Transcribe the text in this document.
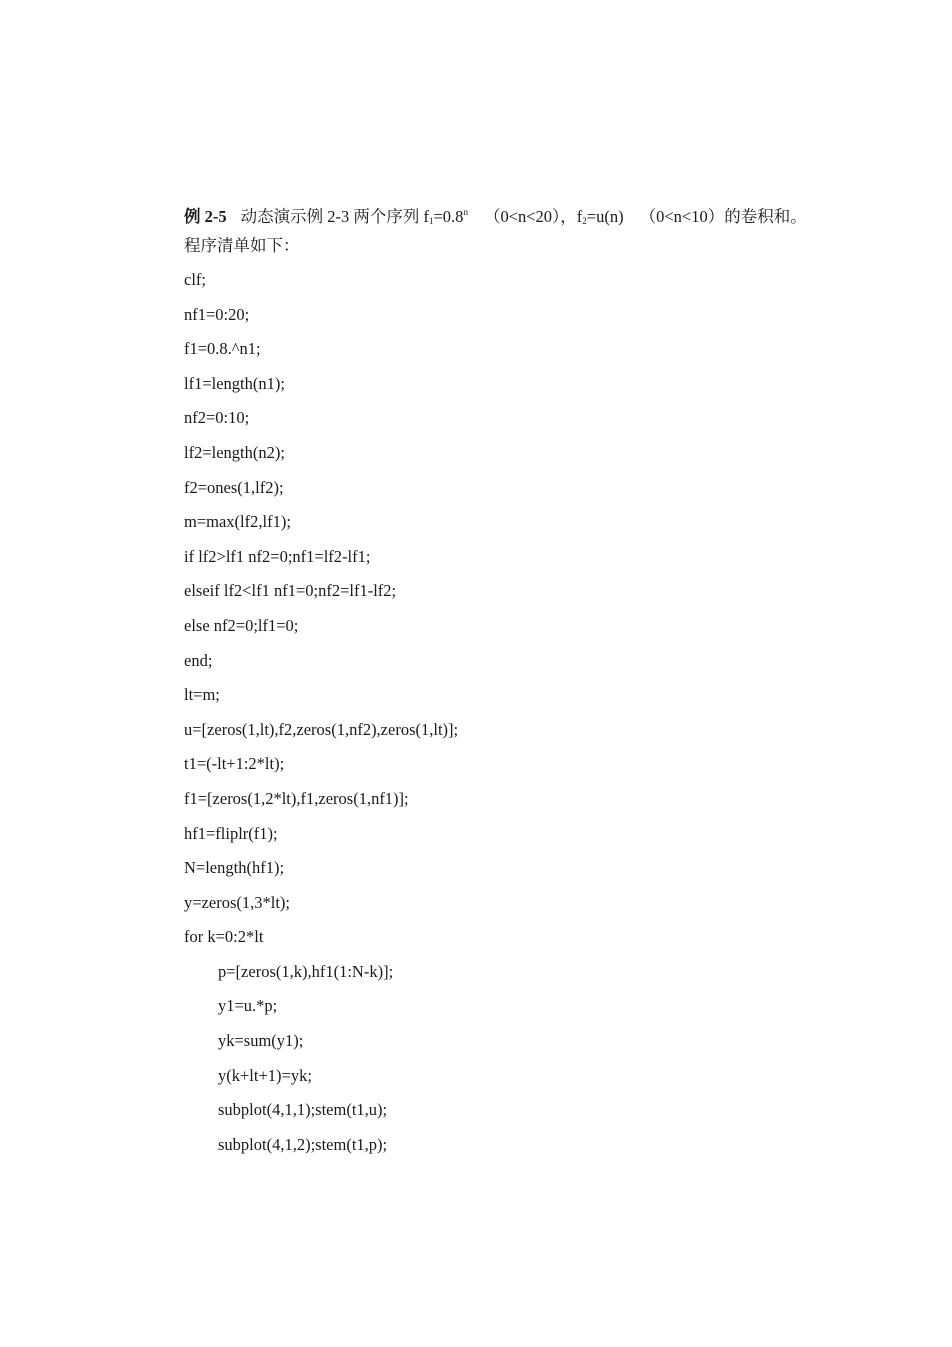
例 2-5 动态演示例 2-3 两个序列 $f_1=0.8^n$ （0<n<20），$f_2=u(n)$ （0<n<10）的卷积和。
程序清单如下：
clf;
nf1=0:20;
f1=0.8.^n1;
lf1=length(n1);
nf2=0:10;
lf2=length(n2);
f2=ones(1,lf2);
m=max(lf2,lf1);
if lf2>lf1 nf2=0;nf1=lf2-lf1;
elseif lf2<lf1 nf1=0;nf2=lf1-lf2;
else nf2=0;lf1=0;
end;
lt=m;
u=[zeros(1,lt),f2,zeros(1,nf2),zeros(1,lt)];
t1=(-lt+1:2*lt);
f1=[zeros(1,2*lt),f1,zeros(1,nf1)];
hf1=fliplr(f1);
N=length(hf1);
y=zeros(1,3*lt);
for k=0:2*lt
p=[zeros(1,k),hf1(1:N-k)];
y1=u.*p;
yk=sum(y1);
y(k+lt+1)=yk;
subplot(4,1,1);stem(t1,u);
subplot(4,1,2);stem(t1,p);
